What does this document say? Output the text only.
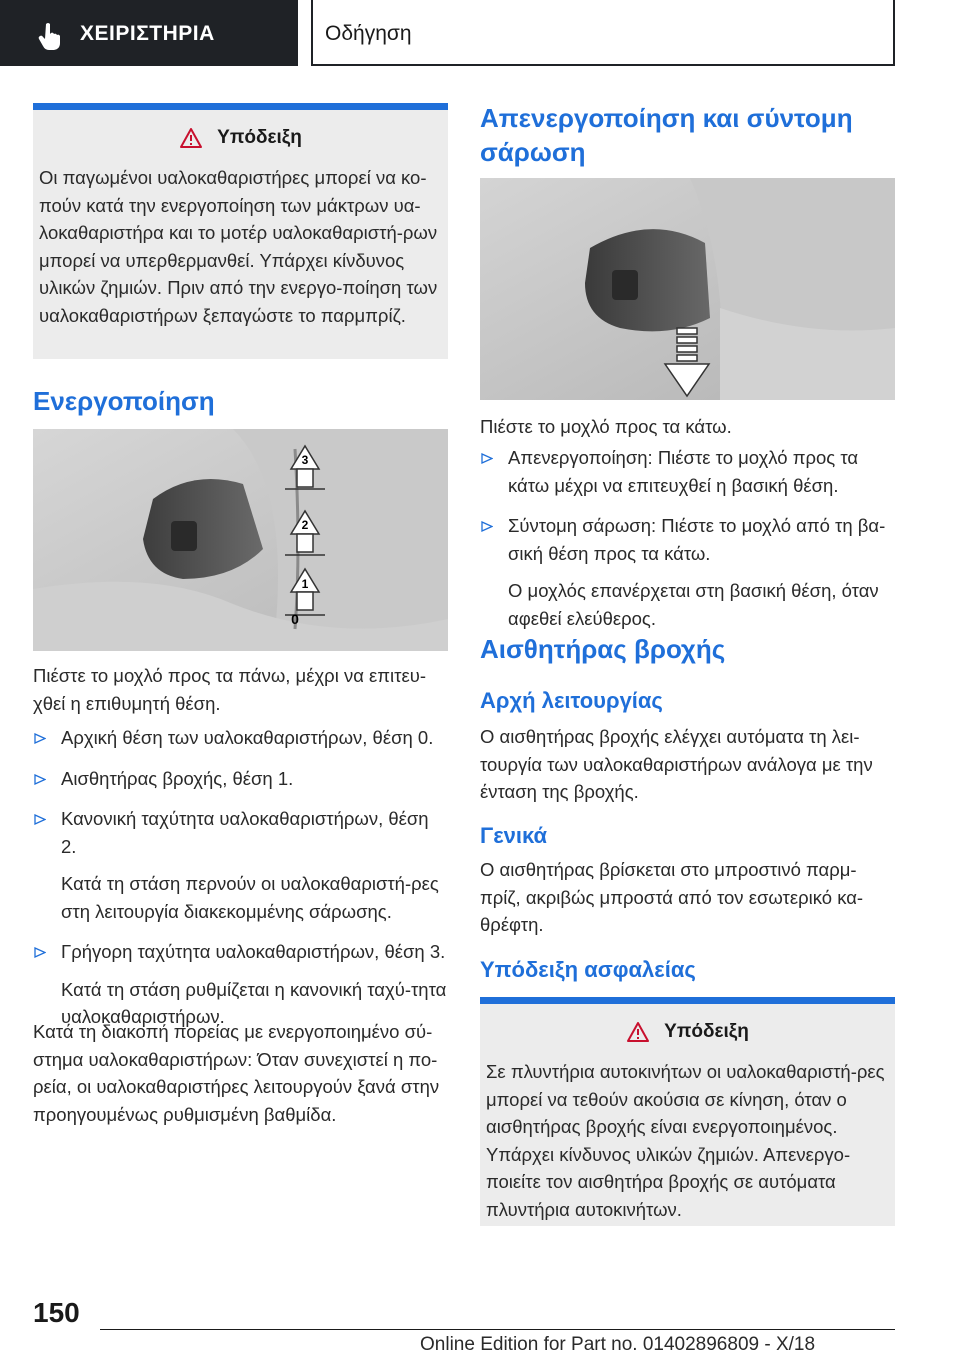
ΧΕΙΡΙΣΤΗΡΙΑ	Οδήγηση
Υπόδειξη
Οι παγωμένοι υαλοκαθαριστήρες μπορεί να κο-πούν κατά την ενεργοποίηση των μάκτρων υα-λοκαθαριστήρα και το μοτέρ υαλοκαθαριστή-ρων μπορεί να υπερθερμανθεί. Υπάρχει κίνδυνος υλικών ζημιών. Πριν από την ενεργο-ποίηση των υαλοκαθαριστήρων ξεπαγώστε το παρμπρίζ.
Ενεργοποίηση
3
2
1
0
Πιέστε το μοχλό προς τα πάνω, μέχρι να επιτευ-χθεί η επιθυμητή θέση.
Αρχική θέση των υαλοκαθαριστήρων, θέση 0.
Αισθητήρας βροχής, θέση 1.
Κανονική ταχύτητα υαλοκαθαριστήρων, θέση 2.
Κατά τη στάση περνούν οι υαλοκαθαριστή-ρες στη λειτουργία διακεκομμένης σάρωσης.
Γρήγορη ταχύτητα υαλοκαθαριστήρων, θέση 3.
Κατά τη στάση ρυθμίζεται η κανονική ταχύ-τητα υαλοκαθαριστήρων.
Κατά τη διακοπή πορείας με ενεργοποιημένο σύ-στημα υαλοκαθαριστήρων: Όταν συνεχιστεί η πο-ρεία, οι υαλοκαθαριστήρες λειτουργούν ξανά στην προηγουμένως ρυθμισμένη βαθμίδα.
Απενεργοποίηση και σύντομη σάρωση
Πιέστε το μοχλό προς τα κάτω.
Απενεργοποίηση: Πιέστε το μοχλό προς τα κάτω μέχρι να επιτευχθεί η βασική θέση.
Σύντομη σάρωση: Πιέστε το μοχλό από τη βα-σική θέση προς τα κάτω.
Ο μοχλός επανέρχεται στη βασική θέση, όταν αφεθεί ελεύθερος.
Αισθητήρας βροχής
Αρχή λειτουργίας
Ο αισθητήρας βροχής ελέγχει αυτόματα τη λει-τουργία των υαλοκαθαριστήρων ανάλογα με την ένταση της βροχής.
Γενικά
Ο αισθητήρας βρίσκεται στο μπροστινό παρμ-πρίζ, ακριβώς μπροστά από τον εσωτερικό κα-θρέφτη.
Υπόδειξη ασφαλείας
Υπόδειξη
Σε πλυντήρια αυτοκινήτων οι υαλοκαθαριστή-ρες μπορεί να τεθούν ακούσια σε κίνηση, όταν ο αισθητήρας βροχής είναι ενεργοποιημένος. Υπάρχει κίνδυνος υλικών ζημιών. Απενεργο-ποιείτε τον αισθητήρα βροχής σε αυτόματα πλυντήρια αυτοκινήτων.
150
Online Edition for Part no. 01402896809 - X/18
